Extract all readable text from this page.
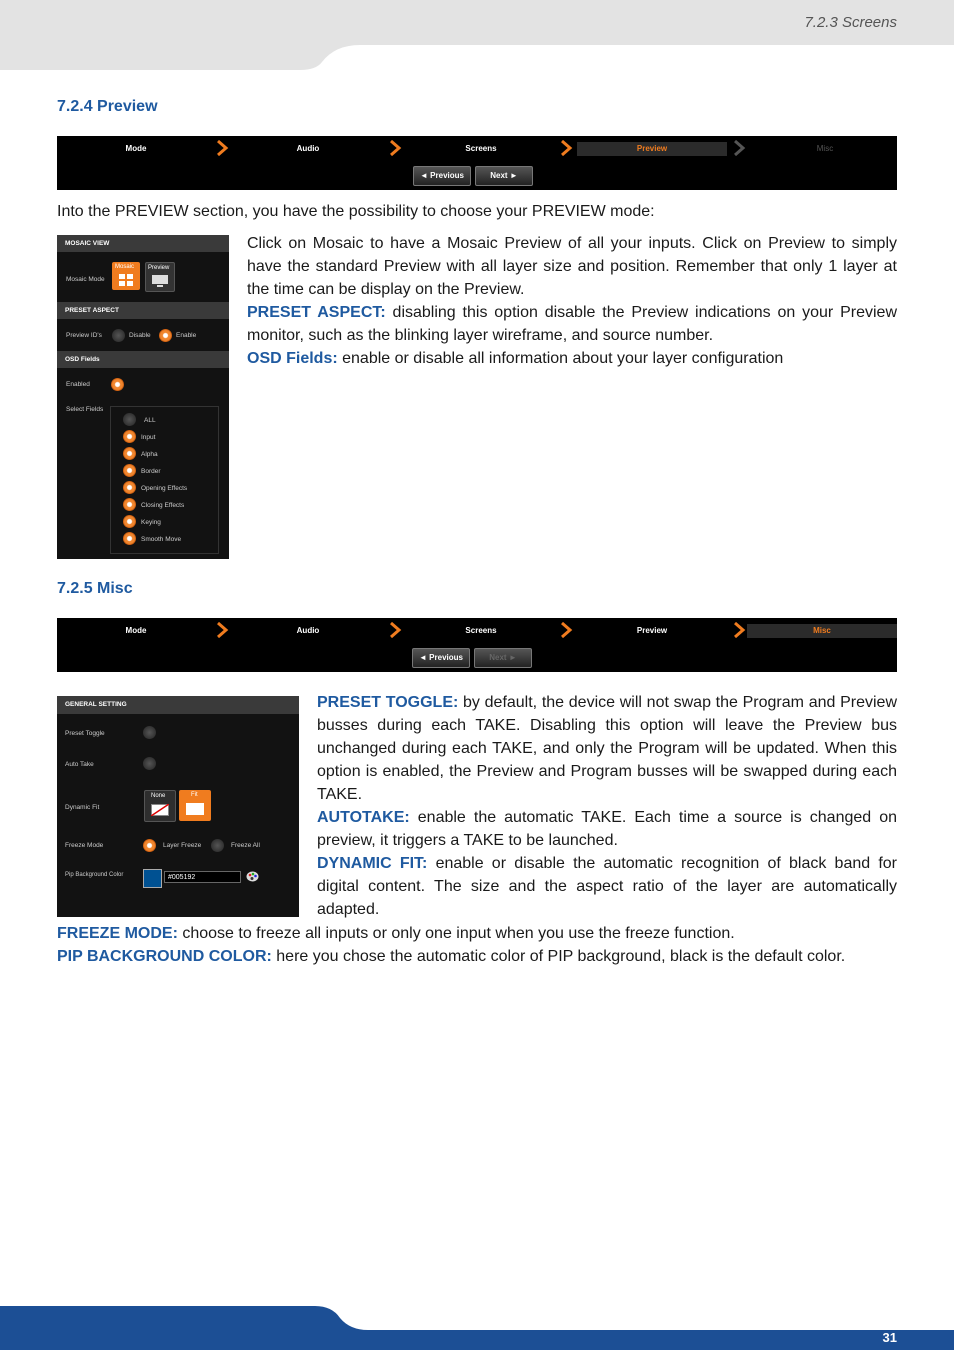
7.2.3 Screens
7.2.4 Preview
Mode	Audio	Screens	Preview	Misc
◄ Previous	Next ►
Into the PREVIEW section, you have the possibility to choose your PREVIEW mode:
MOSAIC VIEW
Mosaic Mode
Mosaic Preview
PRESET ASPECT
Preview ID's	Disable	Enable
OSD Fields
Enabled
Select Fields
ALL
Input
Alpha
Border
Opening Effects
Closing Effects
Keying
Smooth Move
Click on Mosaic to have a Mosaic Preview of all your inputs. Click on Preview to simply have the standard Preview with all layer size and position. Remember that only 1 layer at the time can be display on the Preview.
PRESET ASPECT: disabling this option disable the Preview indications on your Preview monitor, such as the blinking layer wireframe, and source number.
OSD Fields: enable or disable all information about your layer configuration
7.2.5 Misc
Mode	Audio	Screens	Preview	Misc
◄ Previous	Next ►
GENERAL SETTING
Preset Toggle
Auto Take
Dynamic Fit
None	Fit
Freeze Mode	Layer Freeze	Freeze All
Pip Background Color	#005192
PRESET TOGGLE: by default, the device will not swap the Program and Preview busses during each TAKE. Disabling this option will leave the Preview bus unchanged during each TAKE, and only the Program will be updated. When this option is enabled, the Preview and Program busses will be swapped during each TAKE.
AUTOTAKE: enable the automatic TAKE. Each time a source is changed on preview, it triggers a TAKE to be launched.
DYNAMIC FIT: enable or disable the automatic recognition of black band for digital content. The size and the aspect ratio of the layer are automatically adapted.
FREEZE MODE: choose to freeze all inputs or only one input when you use the freeze function.
PIP BACKGROUND COLOR: here you chose the automatic color of PIP background, black is the default color.
31
